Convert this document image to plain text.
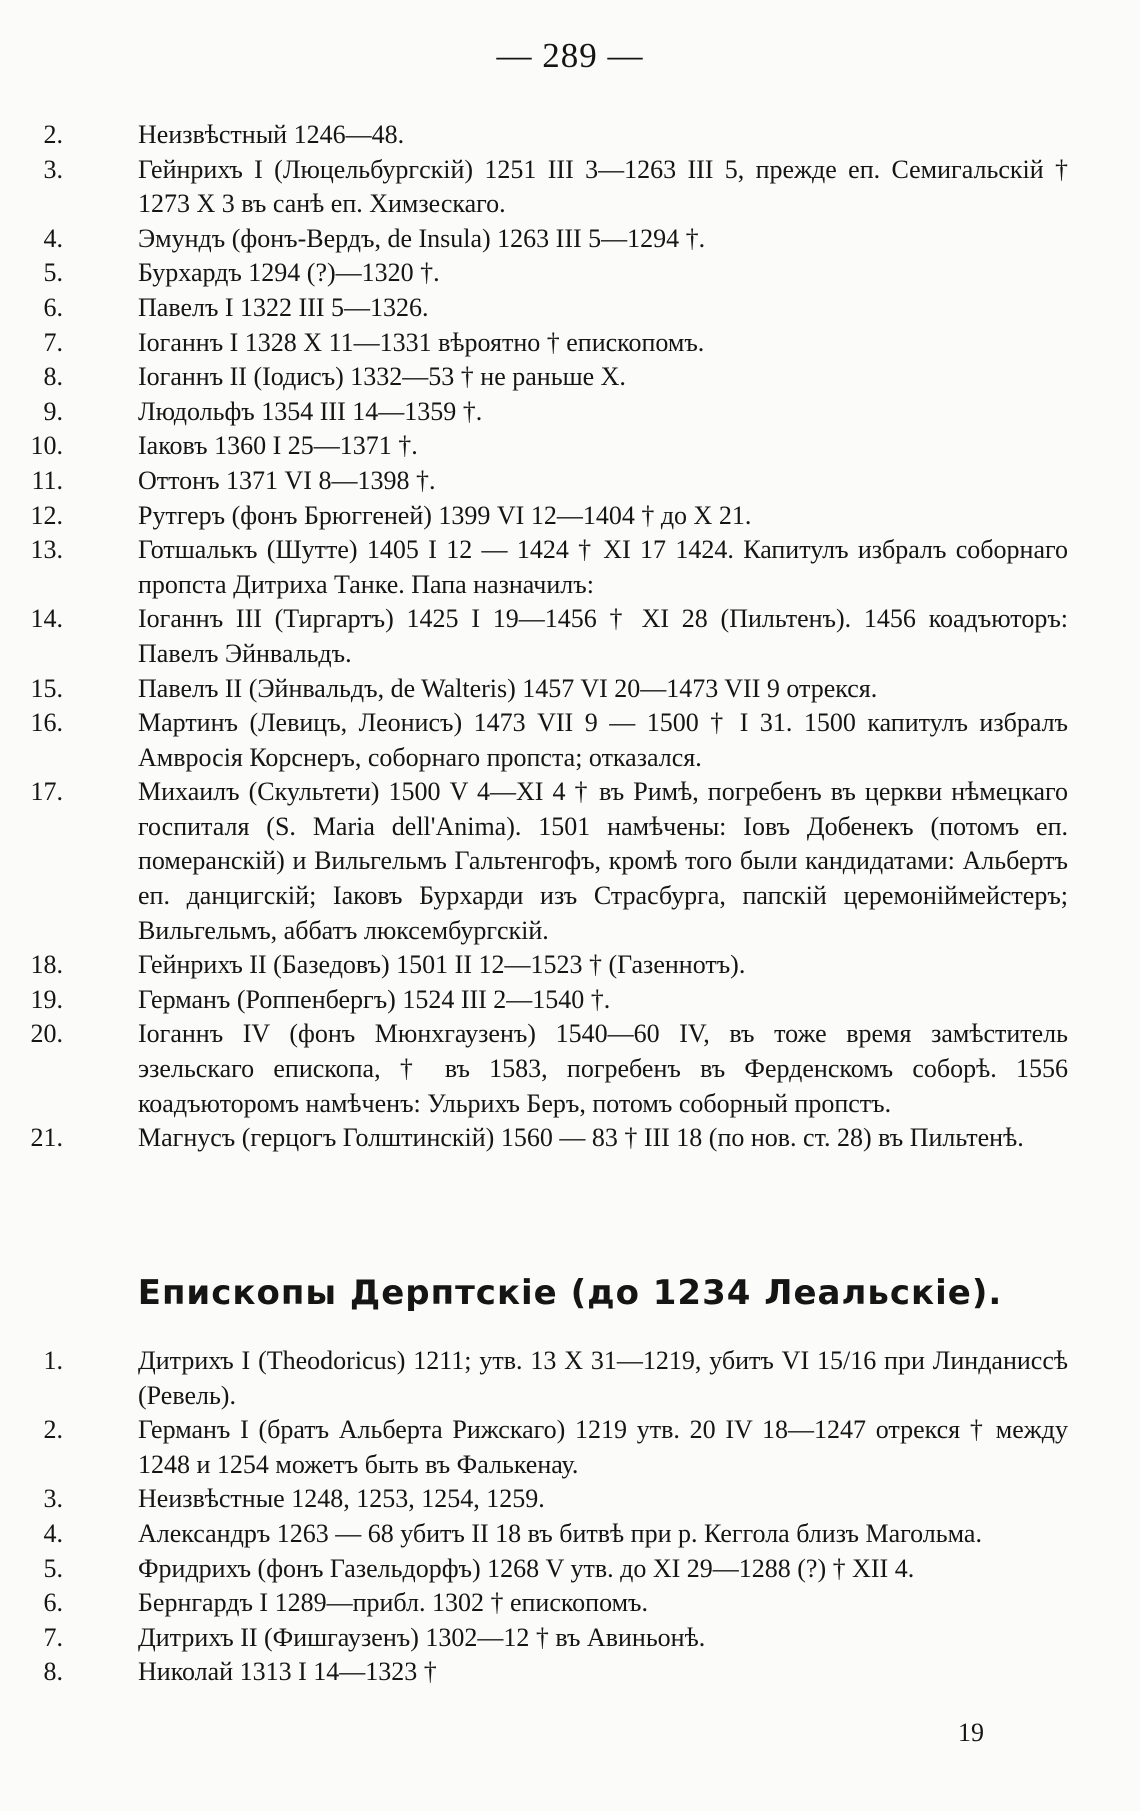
— 289 —
2.	Неизвѣстный 1246—48.
3.	Гейнрихъ I (Люцельбургскій) 1251 III 3—1263 III 5, прежде еп. Семигальскій † 1273 X 3 въ санѣ еп. Химзескаго.
4.	Эмундъ (фонъ-Вердъ, de Insula) 1263 III 5—1294 †.
5.	Бурхардъ 1294 (?)—1320 †.
6.	Павелъ I 1322 III 5—1326.
7.	Іоганнъ I 1328 X 11—1331 вѣроятно † епископомъ.
8.	Іоганнъ II (Іодисъ) 1332—53 † не раньше X.
9.	Людольфъ 1354 III 14—1359 †.
10.	Іаковъ 1360 I 25—1371 †.
11.	Оттонъ 1371 VI 8—1398 †.
12.	Рутгеръ (фонъ Брюггеней) 1399 VI 12—1404 † до X 21.
13.	Готшалькъ (Шутте) 1405 I 12 — 1424 † XI 17 1424. Капитулъ избралъ соборнаго пропста Дитриха Танке. Папа назначилъ:
14.	Іоганнъ III (Тиргартъ) 1425 I 19—1456 † XI 28 (Пильтенъ). 1456 коадъюторъ: Павелъ Эйнвальдъ.
15.	Павелъ II (Эйнвальдъ, de Walteris) 1457 VI 20—1473 VII 9 отрекся.
16.	Мартинъ (Левицъ, Леонисъ) 1473 VII 9 — 1500 † I 31. 1500 капитулъ избралъ Амвросія Корснеръ, соборнаго пропста; отказался.
17.	Михаилъ (Скультети) 1500 V 4—XI 4 † въ Римѣ, погребенъ въ церкви нѣмецкаго госпиталя (S. Maria dell'Anima). 1501 намѣчены: Іовъ Добенекъ (потомъ еп. померанскій) и Вильгельмъ Гальтенгофъ, кромѣ того были кандидатами: Альбертъ еп. данцигскій; Іаковъ Бурхарди изъ Страсбурга, папскій церемоніймейстеръ; Вильгельмъ, аббатъ люксембургскій.
18.	Гейнрихъ II (Базедовъ) 1501 II 12—1523 † (Газеннотъ).
19.	Германъ (Роппенбергъ) 1524 III 2—1540 †.
20.	Іоганнъ IV (фонъ Мюнхгаузенъ) 1540—60 IV, въ тоже время замѣститель эзельскаго епископа, † въ 1583, погребенъ въ Ферденскомъ соборѣ. 1556 коадъюторомъ намѣченъ: Ульрихъ Беръ, потомъ соборный пропстъ.
21.	Магнусъ (герцогъ Голштинскій) 1560 — 83 † III 18 (по нов. ст. 28) въ Пильтенѣ.
Епископы Дерптскіе (до 1234 Леальскіе).
1.	Дитрихъ I (Theodoricus) 1211; утв. 13 X 31—1219, убитъ VI 15/16 при Линданиссѣ (Ревель).
2.	Германъ I (братъ Альберта Рижскаго) 1219 утв. 20 IV 18—1247 отрекся † между 1248 и 1254 можетъ быть въ Фалькенау.
3.	Неизвѣстные 1248, 1253, 1254, 1259.
4.	Александръ 1263 — 68 убитъ II 18 въ битвѣ при р. Кеггола близъ Магольма.
5.	Фридрихъ (фонъ Газельдорфъ) 1268 V утв. до XI 29—1288 (?) † XII 4.
6.	Бернгардъ I 1289—прибл. 1302 † епископомъ.
7.	Дитрихъ II (Фишгаузенъ) 1302—12 † въ Авиньонѣ.
8.	Николай 1313 I 14—1323 †
19
